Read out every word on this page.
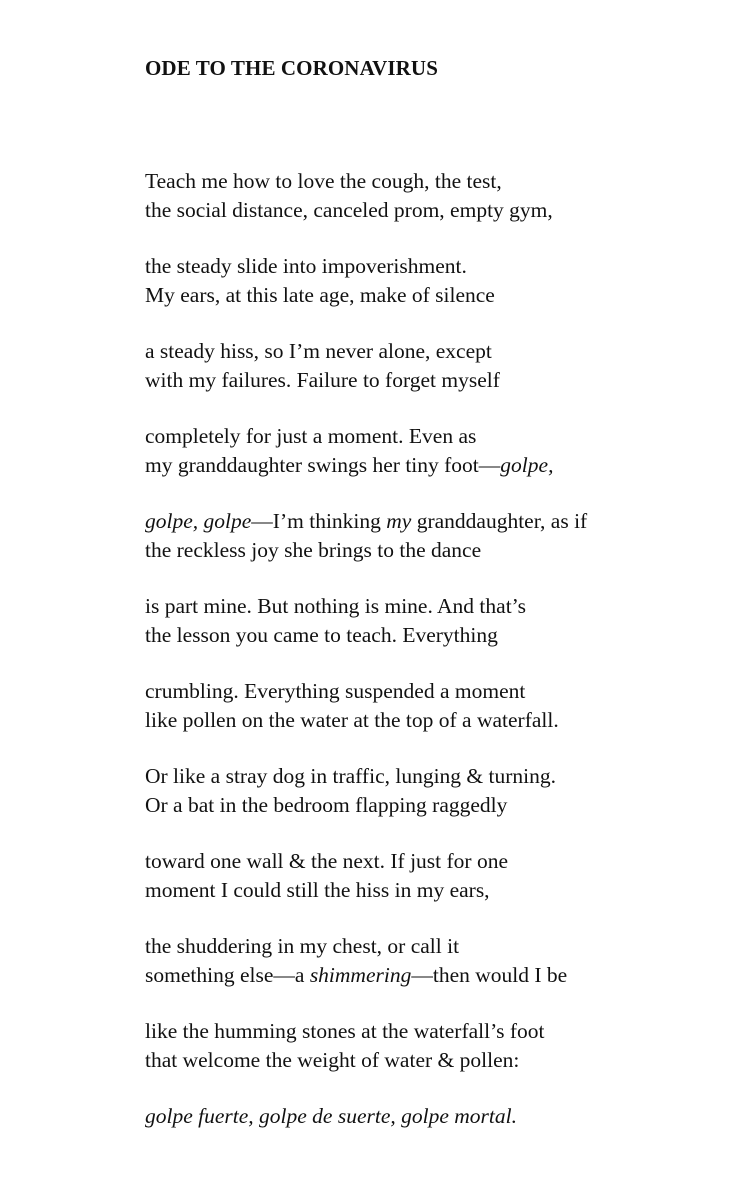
ODE TO THE CORONAVIRUS
Teach me how to love the cough, the test,
the social distance, canceled prom, empty gym,
the steady slide into impoverishment.
My ears, at this late age, make of silence
a steady hiss, so I’m never alone, except
with my failures. Failure to forget myself
completely for just a moment. Even as
my granddaughter swings her tiny foot—golpe,
golpe, golpe—I’m thinking my granddaughter, as if
the reckless joy she brings to the dance
is part mine. But nothing is mine. And that’s
the lesson you came to teach. Everything
crumbling. Everything suspended a moment
like pollen on the water at the top of a waterfall.
Or like a stray dog in traffic, lunging & turning.
Or a bat in the bedroom flapping raggedly
toward one wall & the next. If just for one
moment I could still the hiss in my ears,
the shuddering in my chest, or call it
something else—a shimmering—then would I be
like the humming stones at the waterfall’s foot
that welcome the weight of water & pollen:
golpe fuerte, golpe de suerte, golpe mortal.
